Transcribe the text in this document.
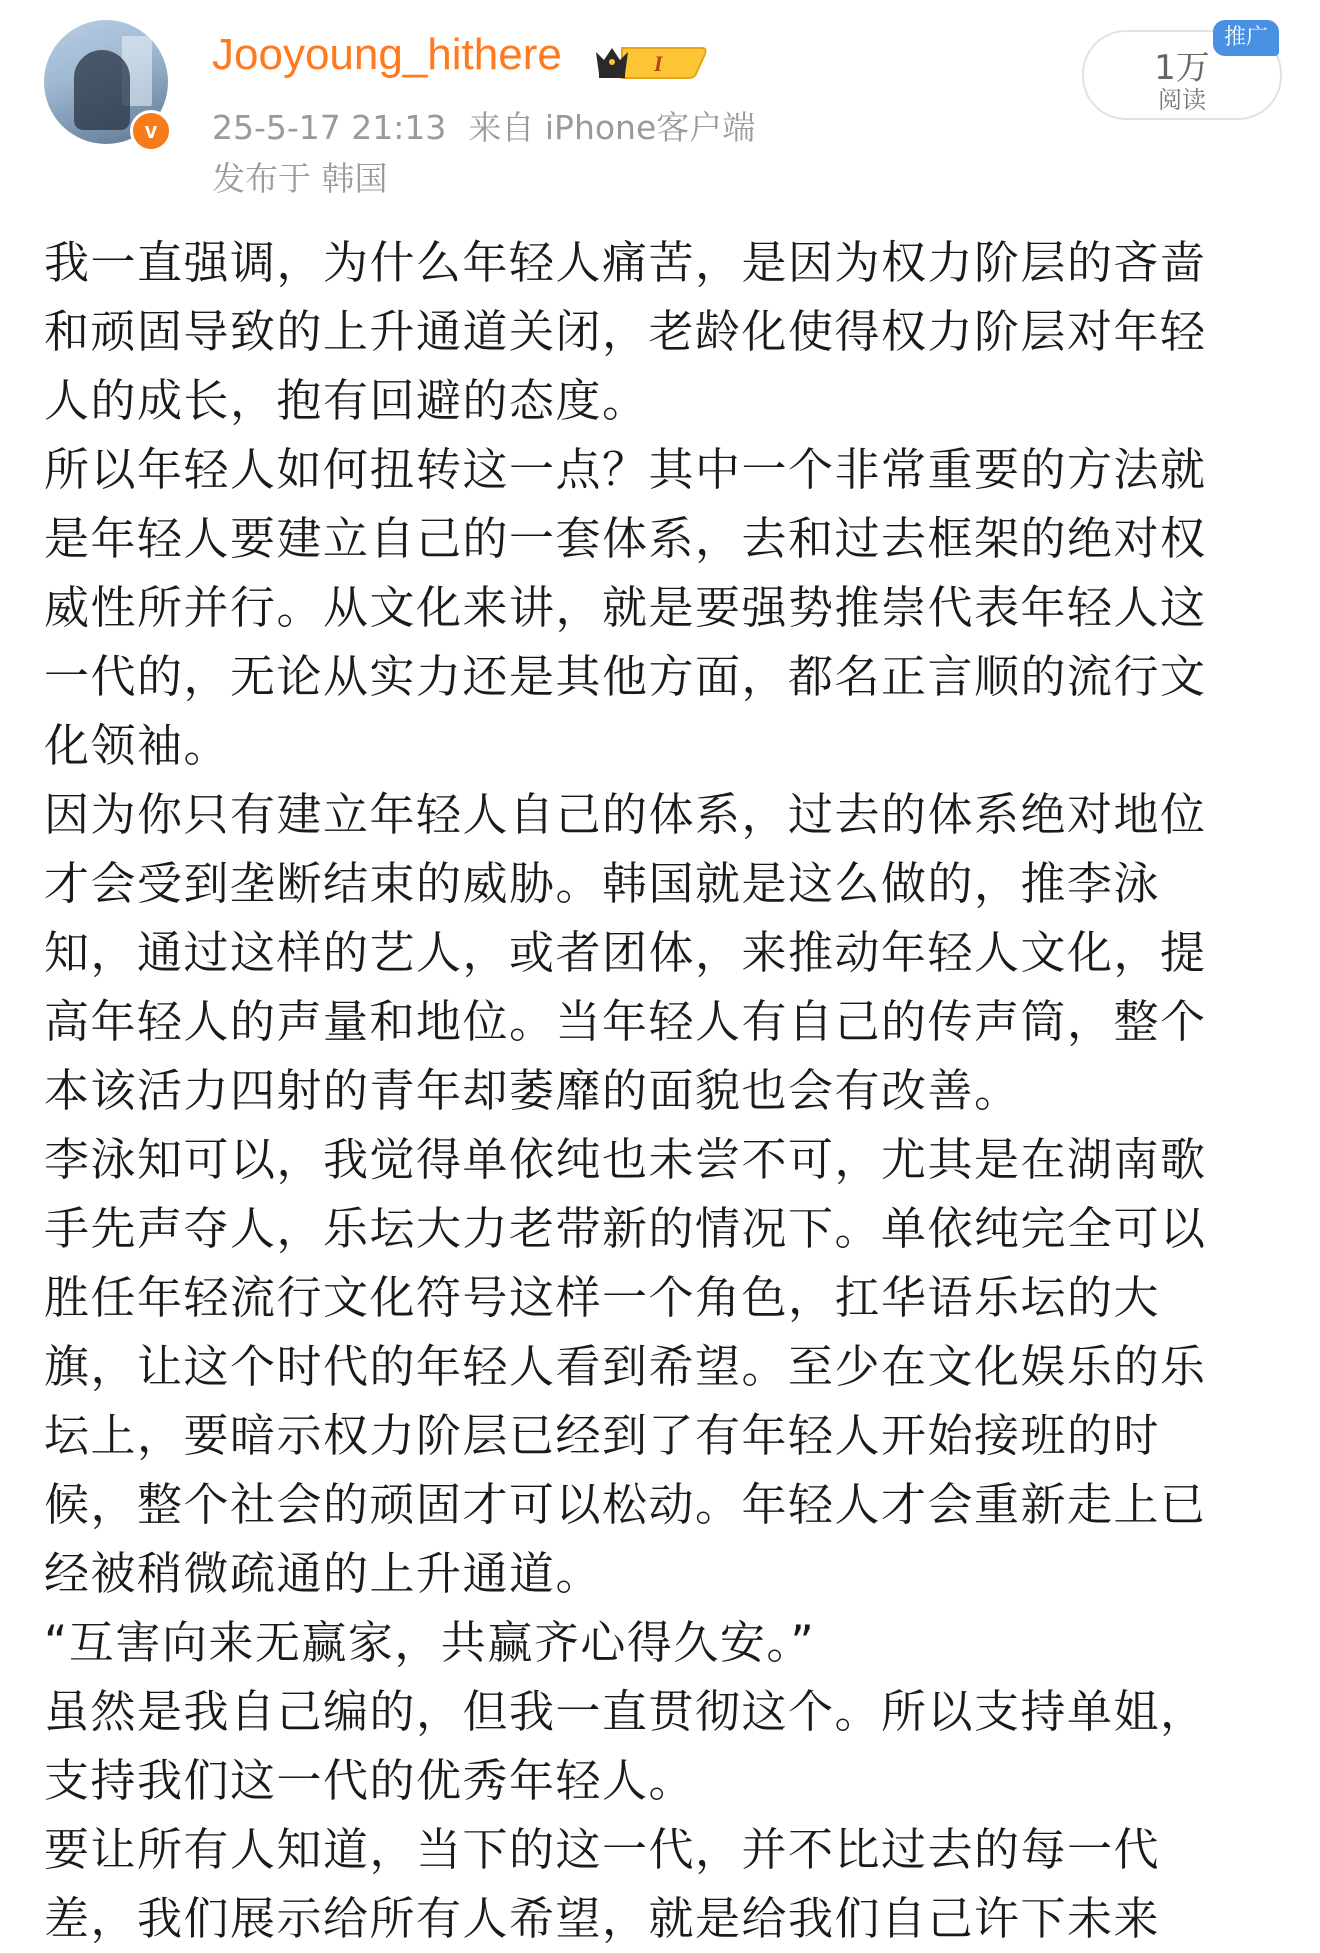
v
Jooyoung_hithere	I
25-5-17 21:13 来自 iPhone客户端
发布于 韩国
1万
阅读
推广

我一直强调，为什么年轻人痛苦，是因为权力阶层的吝啬和顽固导致的上升通道关闭，老龄化使得权力阶层对年轻人的成长，抱有回避的态度。

所以年轻人如何扭转这一点？其中一个非常重要的方法就是年轻人要建立自己的一套体系，去和过去框架的绝对权威性所并行。从文化来讲，就是要强势推崇代表年轻人这一代的，无论从实力还是其他方面，都名正言顺的流行文化领袖。

因为你只有建立年轻人自己的体系，过去的体系绝对地位才会受到垄断结束的威胁。韩国就是这么做的，推李泳知，通过这样的艺人，或者团体，来推动年轻人文化，提高年轻人的声量和地位。当年轻人有自己的传声筒，整个本该活力四射的青年却萎靡的面貌也会有改善。

李泳知可以，我觉得单依纯也未尝不可，尤其是在湖南歌手先声夺人，乐坛大力老带新的情况下。单依纯完全可以胜任年轻流行文化符号这样一个角色，扛华语乐坛的大旗，让这个时代的年轻人看到希望。至少在文化娱乐的乐坛上，要暗示权力阶层已经到了有年轻人开始接班的时候，整个社会的顽固才可以松动。年轻人才会重新走上已经被稍微疏通的上升通道。

“互害向来无赢家，共赢齐心得久安。”

虽然是我自己编的，但我一直贯彻这个。所以支持单姐，支持我们这一代的优秀年轻人。

要让所有人知道，当下的这一代，并不比过去的每一代差，我们展示给所有人希望，就是给我们自己许下未来
